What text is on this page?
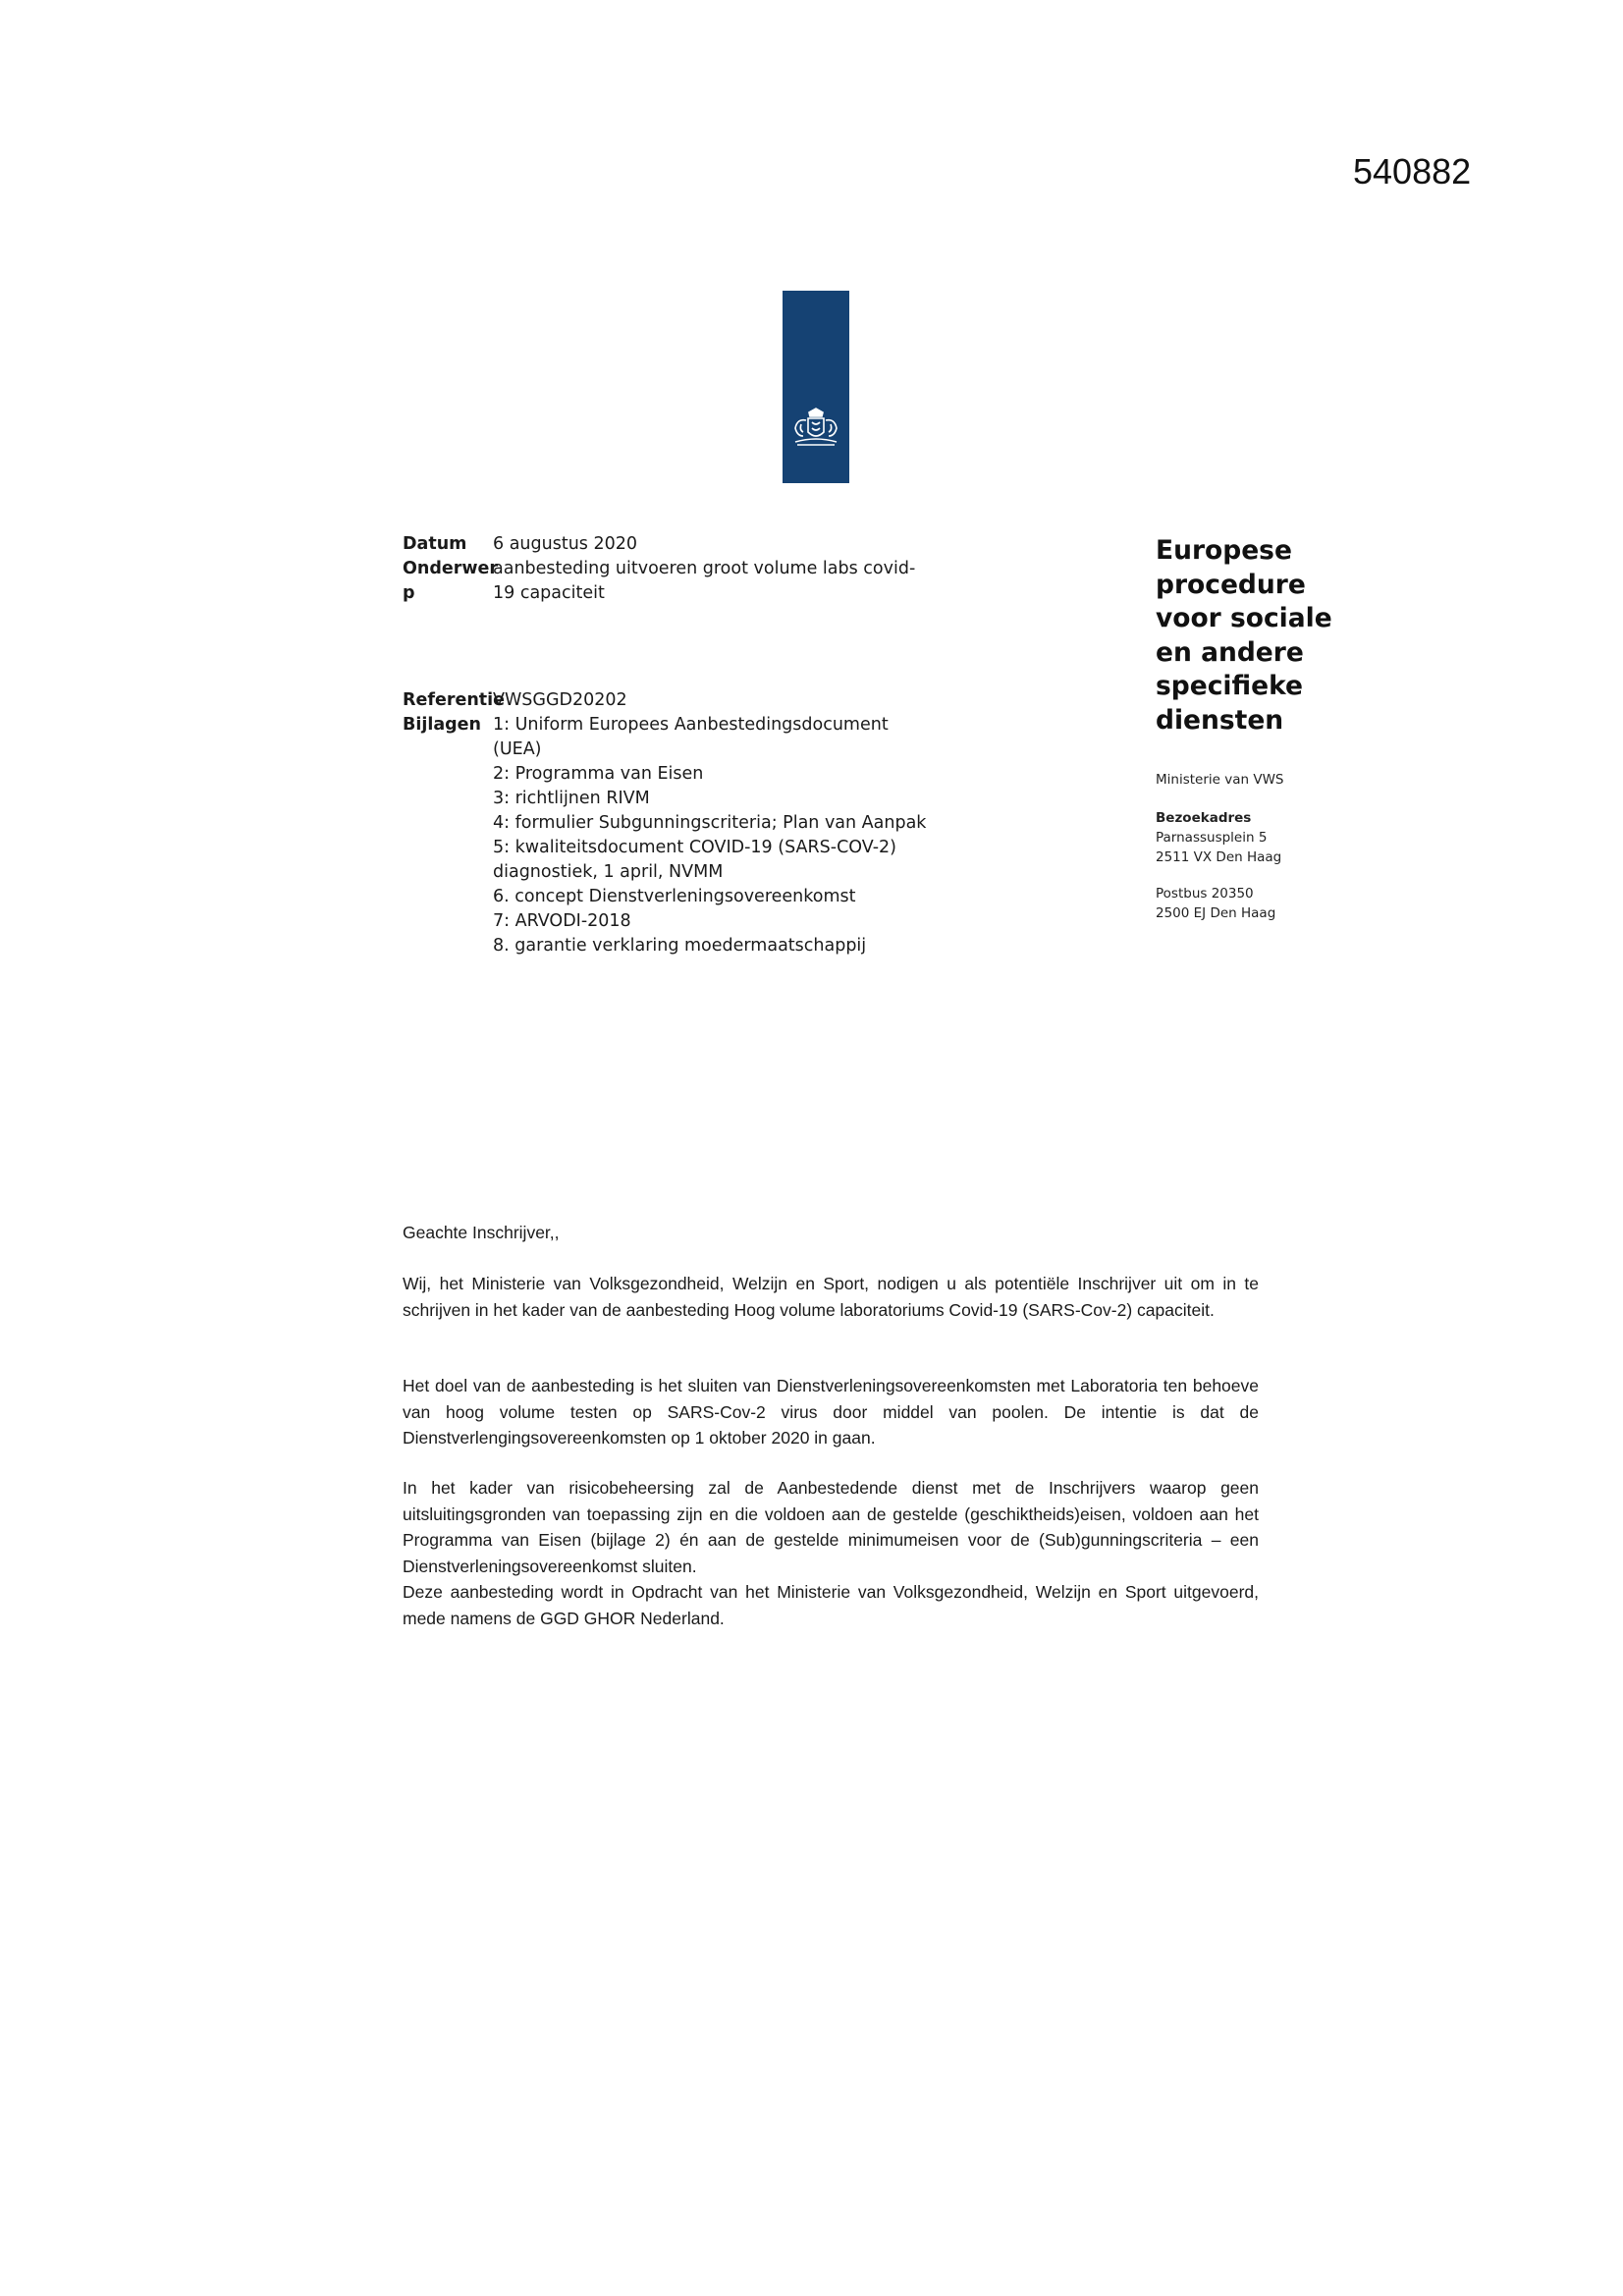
540882
Datum 6 augustus 2020
Onderwer
aanbesteding uitvoeren groot volume labs covid-
p	19 capaciteit
Referentie
VWSGGD20202
Bijlagen 1: Uniform Europees Aanbestedingsdocument
(UEA)
2: Programma van Eisen
3: richtlijnen RIVM
4: formulier Subgunningscriteria; Plan van Aanpak
5: kwaliteitsdocument COVID-19 (SARS-COV-2)
diagnostiek, 1 april, NVMM
6. concept Dienstverleningsovereenkomst
7: ARVODI-2018
8. garantie verklaring moedermaatschappij
Europese
procedure
voor sociale
en andere
specifieke
diensten
Ministerie van VWS
Bezoekadres
Parnassusplein 5
2511 VX Den Haag
Postbus 20350
2500 EJ Den Haag

Geachte Inschrijver,,

Wij, het Ministerie van Volksgezondheid, Welzijn en Sport, nodigen u als potentiële Inschrijver uit om in te schrijven in het kader van de aanbesteding Hoog volume laboratoriums Covid-19 (SARS-Cov-2) capaciteit.

Het doel van de aanbesteding is het sluiten van Dienstverleningsovereenkomsten met Laboratoria ten behoeve van hoog volume testen op SARS-Cov-2 virus door middel van poolen. De intentie is dat de Dienstverlengingsovereenkomsten op 1 oktober 2020 in gaan.

In het kader van risicobeheersing zal de Aanbestedende dienst met de Inschrijvers waarop geen uitsluitingsgronden van toepassing zijn en die voldoen aan de gestelde (geschiktheids)eisen, voldoen aan het Programma van Eisen (bijlage 2) én aan de gestelde minimumeisen voor de (Sub)gunningscriteria – een Dienstverleningsovereenkomst sluiten.

Deze aanbesteding wordt in Opdracht van het Ministerie van Volksgezondheid, Welzijn en Sport uitgevoerd, mede namens de GGD GHOR Nederland.
